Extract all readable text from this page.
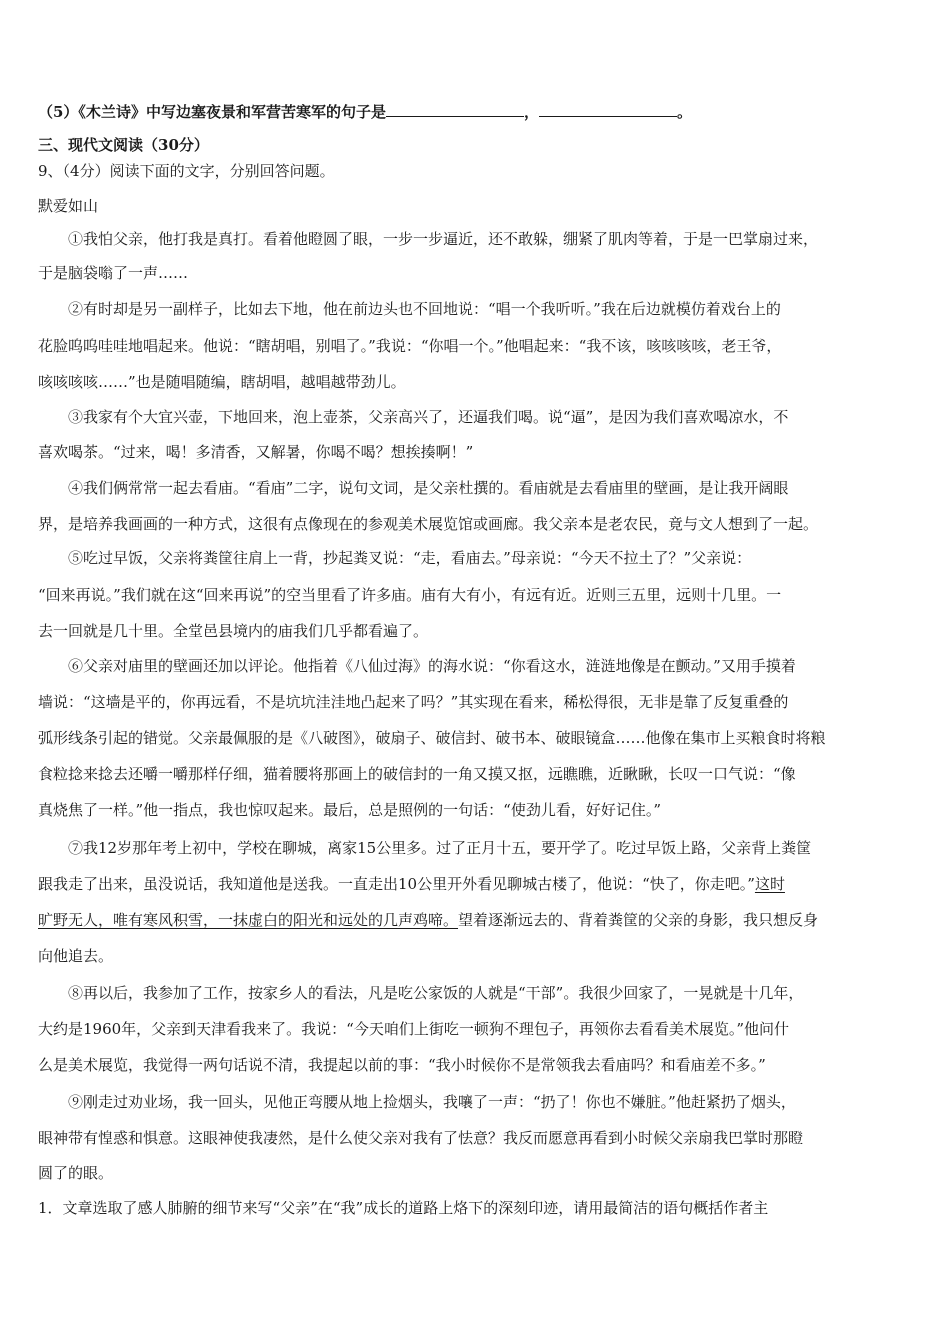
（5）《木兰诗》中写边塞夜景和军营苦寒军的句子是	，	。
三、现代文阅读（30分）
9、（4分）阅读下面的文字，分别回答问题。
默爱如山
①我怕父亲，他打我是真打。看着他瞪圆了眼，一步一步逼近，还不敢躲，绷紧了肌肉等着，于是一巴掌扇过来，
于是脑袋嗡了一声……
②有时却是另一副样子，比如去下地，他在前边头也不回地说：“唱一个我听听。”我在后边就模仿着戏台上的
花脸呜呜哇哇地唱起来。他说：“瞎胡唱，别唱了。”我说：“你唱一个。”他唱起来：“我不该，咳咳咳咳，老王爷，
咳咳咳咳……”也是随唱随编，瞎胡唱，越唱越带劲儿。
③我家有个大宜兴壶，下地回来，泡上壶茶，父亲高兴了，还逼我们喝。说“逼”，是因为我们喜欢喝凉水，不
喜欢喝茶。“过来，喝！多清香，又解暑，你喝不喝？想挨揍啊！”
④我们俩常常一起去看庙。“看庙”二字，说句文词，是父亲杜撰的。看庙就是去看庙里的壁画，是让我开阔眼
界，是培养我画画的一种方式，这很有点像现在的参观美术展览馆或画廊。我父亲本是老农民，竟与文人想到了一起。
⑤吃过早饭，父亲将粪筐往肩上一背，抄起粪叉说：“走，看庙去。”母亲说：“今天不拉土了？”父亲说：
“回来再说。”我们就在这“回来再说”的空当里看了许多庙。庙有大有小，有远有近。近则三五里，远则十几里。一
去一回就是几十里。全堂邑县境内的庙我们几乎都看遍了。
⑥父亲对庙里的壁画还加以评论。他指着《八仙过海》的海水说：“你看这水，涟涟地像是在颤动。”又用手摸着
墙说：“这墙是平的，你再远看，不是坑坑洼洼地凸起来了吗？”其实现在看来，稀松得很，无非是靠了反复重叠的
弧形线条引起的错觉。父亲最佩服的是《八破图》，破扇子、破信封、破书本、破眼镜盒……他像在集市上买粮食时将粮
食粒捻来捻去还嚼一嚼那样仔细，猫着腰将那画上的破信封的一角又摸又抠，远瞧瞧，近瞅瞅，长叹一口气说：“像
真烧焦了一样。”他一指点，我也惊叹起来。最后，总是照例的一句话：“使劲儿看，好好记住。”
⑦我12岁那年考上初中，学校在聊城，离家15公里多。过了正月十五，要开学了。吃过早饭上路，父亲背上粪筐
跟我走了出来，虽没说话，我知道他是送我。一直走出10公里开外看见聊城古楼了，他说：“快了，你走吧。”这时
旷野无人，唯有寒风积雪，一抹虚白的阳光和远处的几声鸡啼。望着逐渐远去的、背着粪筐的父亲的身影，我只想反身
向他追去。
⑧再以后，我参加了工作，按家乡人的看法，凡是吃公家饭的人就是“干部”。我很少回家了，一晃就是十几年，
大约是1960年，父亲到天津看我来了。我说：“今天咱们上街吃一顿狗不理包子，再领你去看看美术展览。”他问什
么是美术展览，我觉得一两句话说不清，我提起以前的事：“我小时候你不是常领我去看庙吗？和看庙差不多。”
⑨刚走过劝业场，我一回头，见他正弯腰从地上捡烟头，我嚷了一声：“扔了！你也不嫌脏。”他赶紧扔了烟头，
眼神带有惶惑和惧意。这眼神使我凄然，是什么使父亲对我有了怯意？我反而愿意再看到小时候父亲扇我巴掌时那瞪
圆了的眼。
1．文章选取了感人肺腑的细节来写“父亲”在“我”成长的道路上烙下的深刻印迹，请用最简洁的语句概括作者主
